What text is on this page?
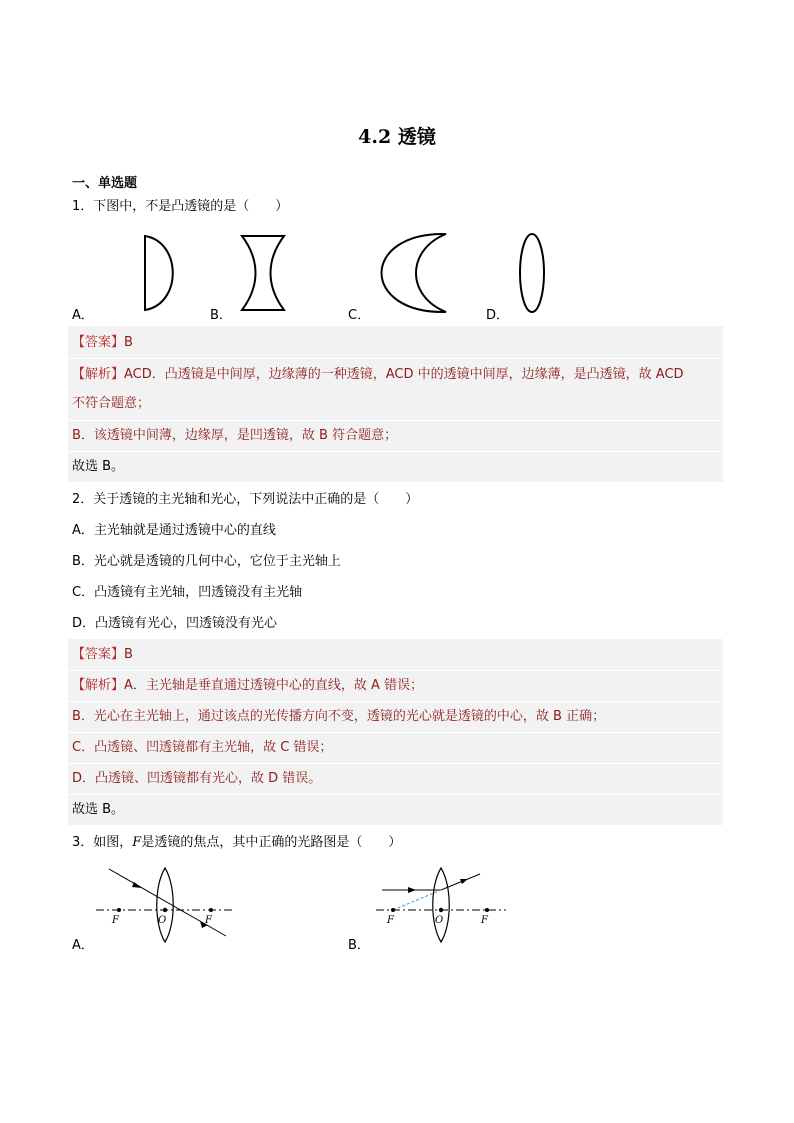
4.2 透镜
一、单选题
1．下图中，不是凸透镜的是（　　）
A．	B．	C．	D．
【答案】B
【解析】ACD．凸透镜是中间厚，边缘薄的一种透镜，ACD 中的透镜中间厚，边缘薄，是凸透镜，故 ACD
不符合题意；
B．该透镜中间薄，边缘厚，是凹透镜，故 B 符合题意；
故选 B。
2．关于透镜的主光轴和光心，下列说法中正确的是（　　）
A．主光轴就是通过透镜中心的直线
B．光心就是透镜的几何中心，它位于主光轴上
C．凸透镜有主光轴，凹透镜没有主光轴
D．凸透镜有光心，凹透镜没有光心
【答案】B
【解析】A．主光轴是垂直通过透镜中心的直线，故 A 错误；
B．光心在主光轴上，通过该点的光传播方向不变，透镜的光心就是透镜的中心，故 B 正确；
C．凸透镜、凹透镜都有主光轴，故 C 错误；
D．凸透镜、凹透镜都有光心，故 D 错误。
故选 B。
3．如图，F是透镜的焦点，其中正确的光路图是（　　）
A．
F	O	F
B．
F	O	F
